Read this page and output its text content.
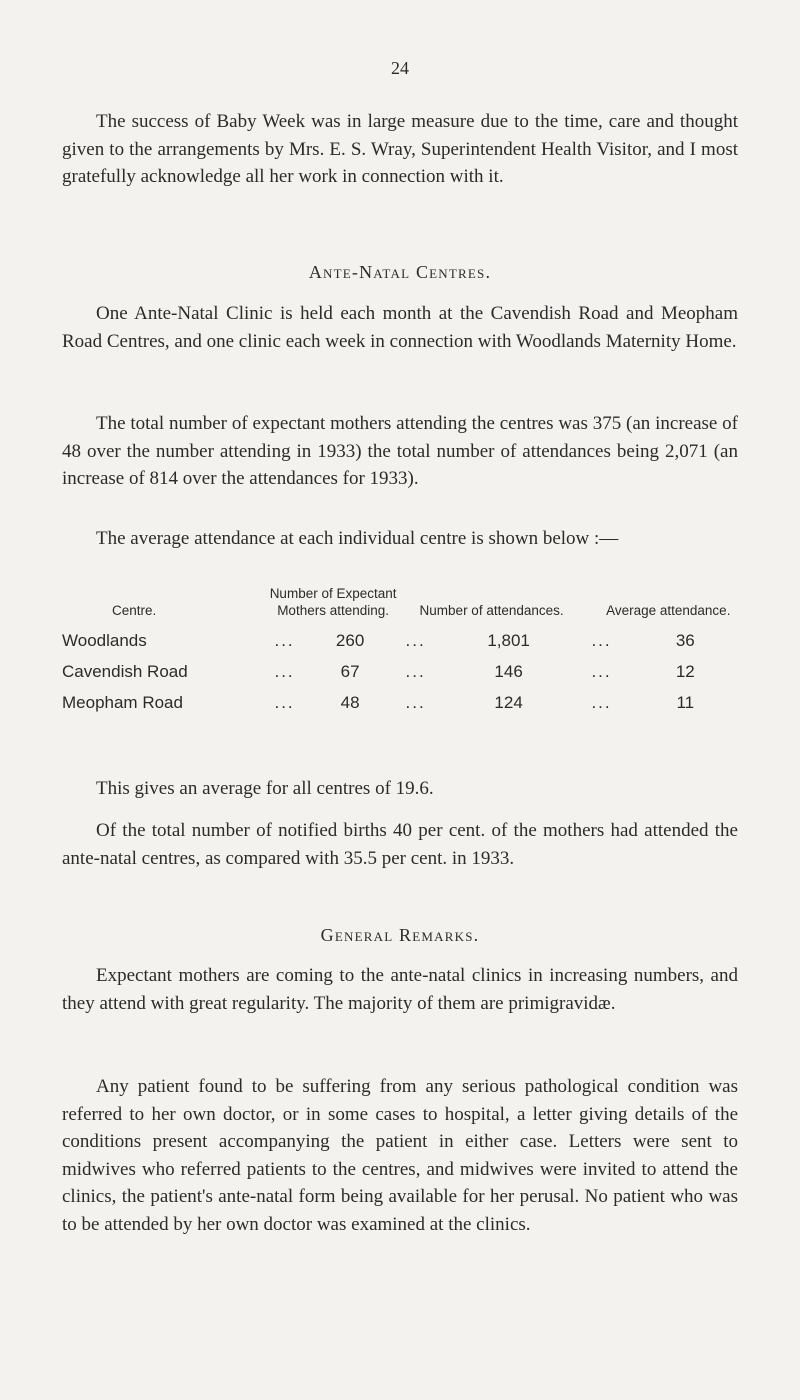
24

The success of Baby Week was in large measure due to the time, care and thought given to the arrangements by Mrs. E. S. Wray, Superintendent Health Visitor, and I most gratefully acknowledge all her work in connection with it.

Ante-Natal Centres.

One Ante-Natal Clinic is held each month at the Cavendish Road and Meopham Road Centres, and one clinic each week in connection with Woodlands Maternity Home.

The total number of expectant mothers attending the centres was 375 (an increase of 48 over the number attending in 1933) the total number of attendances being 2,071 (an increase of 814 over the attendances for 1933).

The average attendance at each individual centre is shown below :—

Centre.	Number of Expectant Mothers attending.	Number of attendances.	Average attendance.
Woodlands	... 260	... 1,801	... 36

Cavendish Road	... 67	... 146	... 12

Meopham Road	... 48	... 124	... 11

This gives an average for all centres of 19.6.

Of the total number of notified births 40 per cent. of the mothers had attended the ante-natal centres, as compared with 35.5 per cent. in 1933.

General Remarks.

Expectant mothers are coming to the ante-natal clinics in increasing numbers, and they attend with great regularity. The majority of them are primigravidæ.

Any patient found to be suffering from any serious pathological condition was referred to her own doctor, or in some cases to hospital, a letter giving details of the conditions present accompanying the patient in either case. Letters were sent to midwives who referred patients to the centres, and midwives were invited to attend the clinics, the patient's ante-natal form being available for her perusal. No patient who was to be attended by her own doctor was examined at the clinics.
